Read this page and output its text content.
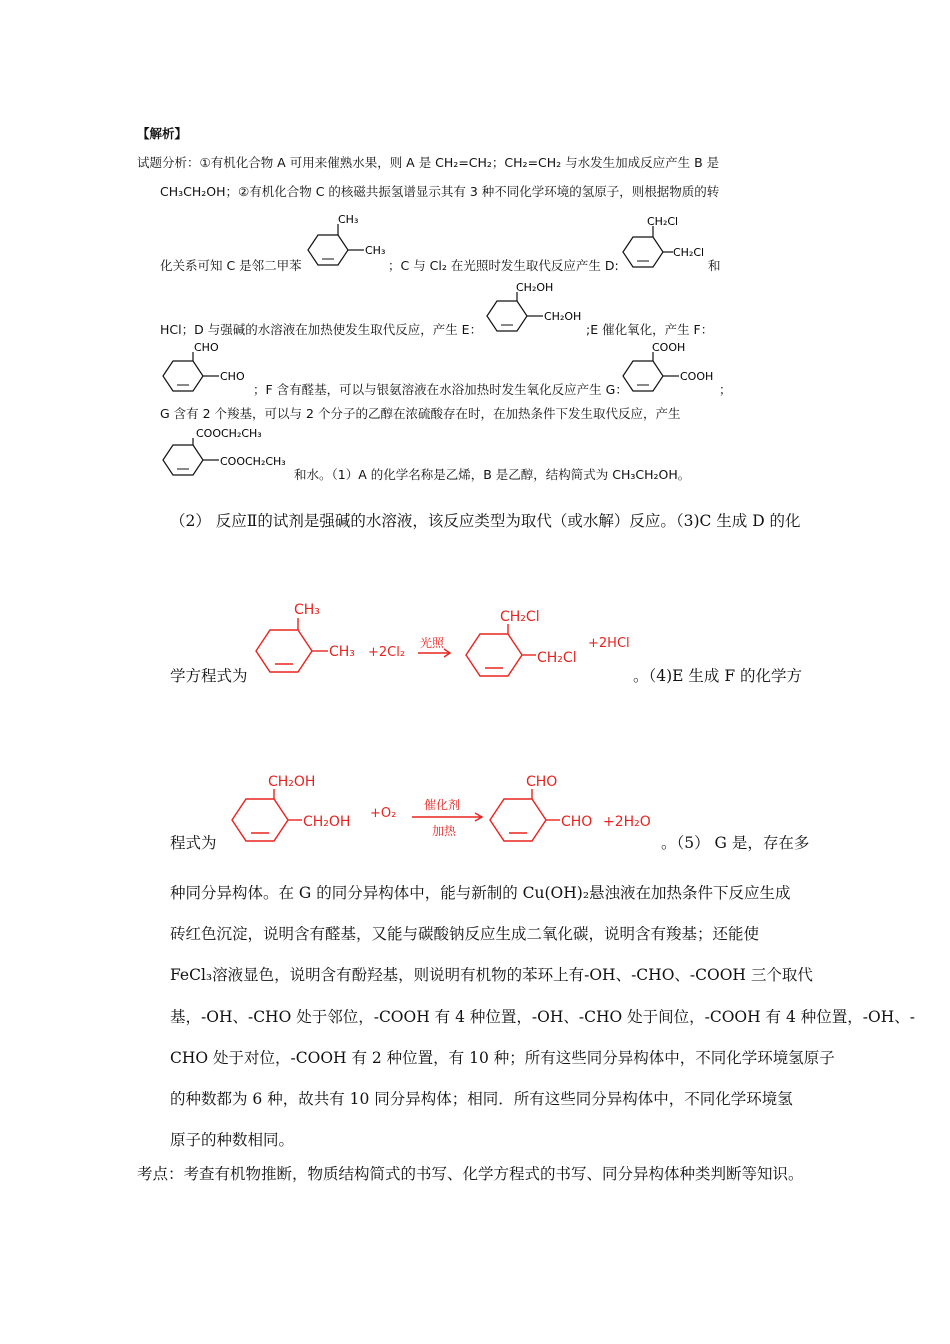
【解析】
试题分析：①有机化合物 A 可用来催熟水果，则 A 是 CH₂=CH₂；CH₂=CH₂ 与水发生加成反应产生 B 是
CH₃CH₂OH；②有机化合物 C 的核磁共振氢谱显示其有 3 种不同化学环境的氢原子，则根据物质的转
化关系可知 C 是邻二甲苯
CH₃
CH₃
；C 与 Cl₂ 在光照时发生取代反应产生 D:
CH₂Cl
CH₂Cl
和
HCl；D 与强碱的水溶液在加热使发生取代反应，产生 E：
CH₂OH
CH₂OH
;E 催化氧化，产生 F：
CHO
CHO
；F 含有醛基，可以与银氨溶液在水浴加热时发生氧化反应产生 G：
COOH
COOH
；
G 含有 2 个羧基，可以与 2 个分子的乙醇在浓硫酸存在时，在加热条件下发生取代反应，产生
COOCH₂CH₃
COOCH₂CH₃
和水。（1）A 的化学名称是乙烯，B 是乙醇，结构简式为 CH₃CH₂OH。
（2） 反应Ⅱ的试剂是强碱的水溶液，该反应类型为取代（或水解）反应。（3)C 生成 D 的化
学方程式为
CH₃
CH₃ +2Cl₂
光照
CH₂Cl
CH₂Cl
+2HCl
。（4)E 生成 F 的化学方
程式为
CH₂OH
CH₂OH
+O₂
催化剂
加热
CHO
CHO +2H₂O
。（5） G 是，存在多
种同分异构体。在 G 的同分异构体中，能与新制的 Cu(OH)₂悬浊液在加热条件下反应生成
砖红色沉淀，说明含有醛基，又能与碳酸钠反应生成二氧化碳，说明含有羧基；还能使
FeCl₃溶液显色，说明含有酚羟基，则说明有机物的苯环上有-OH、-CHO、-COOH 三个取代
基，-OH、-CHO 处于邻位，-COOH 有 4 种位置，-OH、-CHO 处于间位，-COOH 有 4 种位置，-OH、-
CHO 处于对位，-COOH 有 2 种位置，有 10 种；所有这些同分异构体中，不同化学环境氢原子
的种数都为 6 种，故共有 10 同分异构体；相同．所有这些同分异构体中，不同化学环境氢
原子的种数相同。
考点：考查有机物推断，物质结构简式的书写、化学方程式的书写、同分异构体种类判断等知识。
